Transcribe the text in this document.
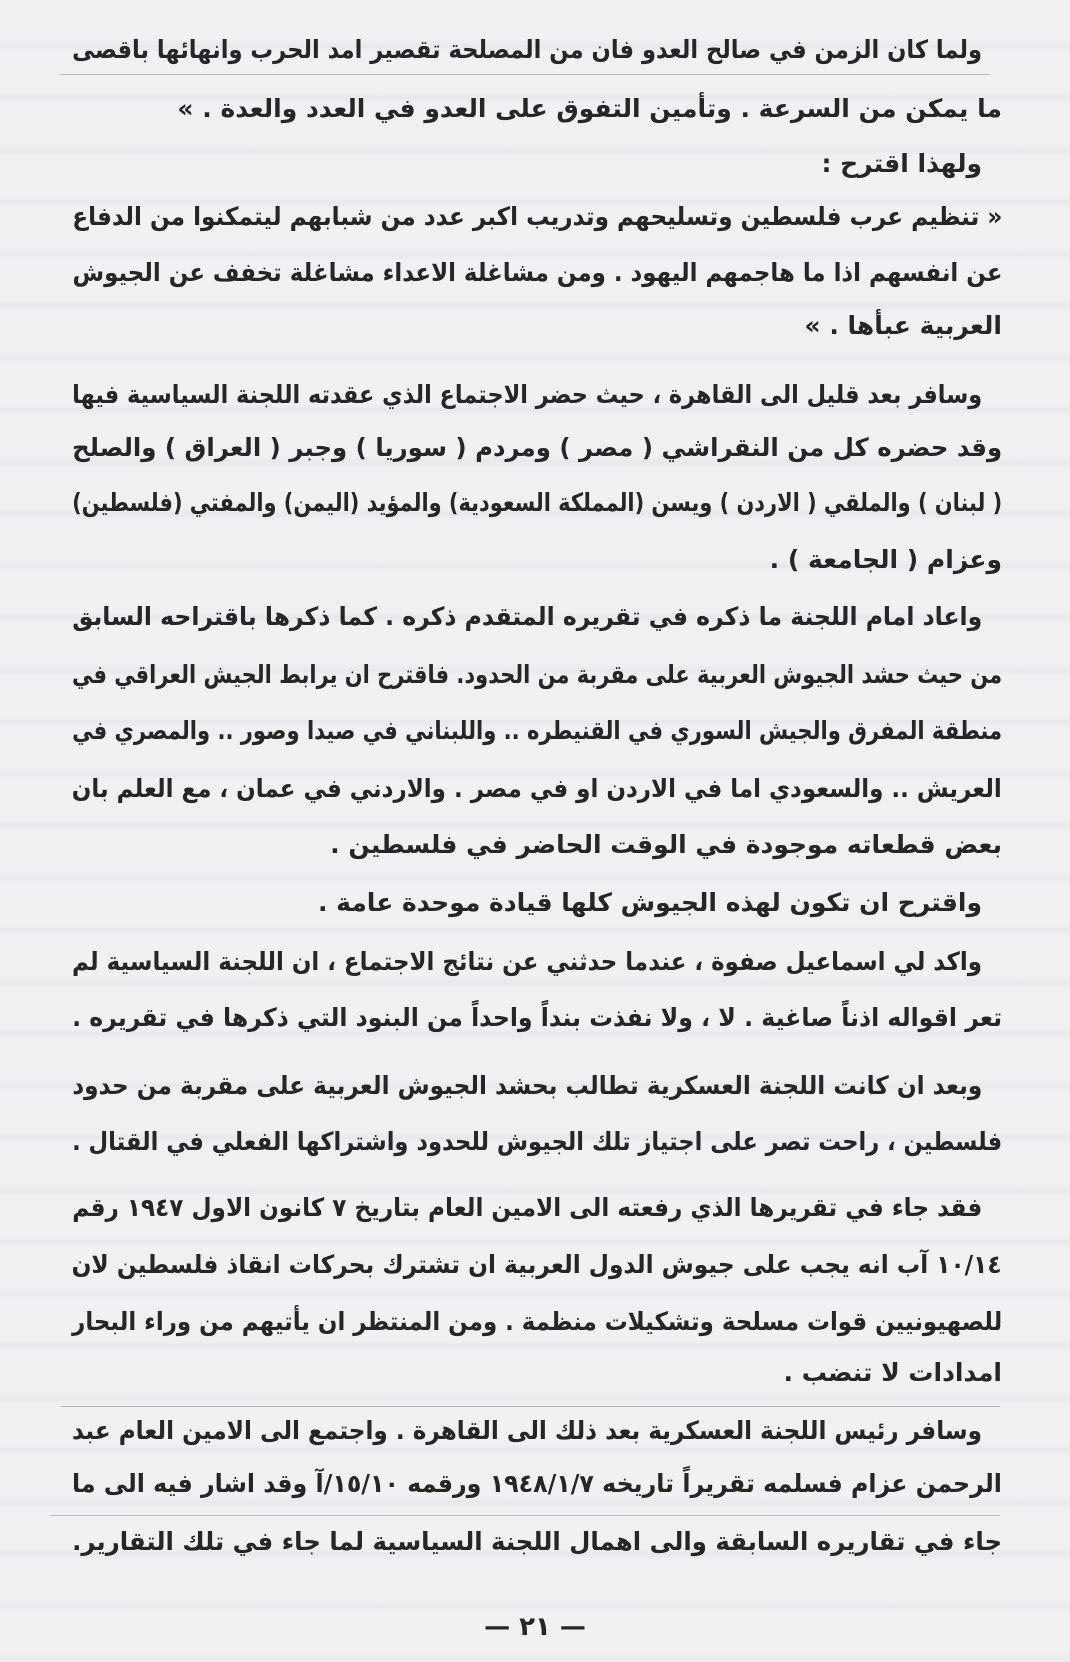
ولما كان الزمن في صالح العدو فان من المصلحة تقصير امد الحرب وانهائها باقصى
ما يمكن من السرعة . وتأمين التفوق على العدو في العدد والعدة . »
ولهذا اقترح :
« تنظيم عرب فلسطين وتسليحهم وتدريب اكبر عدد من شبابهم ليتمكنوا من الدفاع
عن انفسهم اذا ما هاجمهم اليهود . ومن مشاغلة الاعداء مشاغلة تخفف عن الجيوش
العربية عبأها . »
وسافر بعد قليل الى القاهرة ، حيث حضر الاجتماع الذي عقدته اللجنة السياسية فيها
وقد حضره كل من النقراشي ( مصر ) ومردم ( سوريا ) وجبر ( العراق ) والصلح
( لبنان ) والملقي ( الاردن ) ويسن (المملكة السعودية) والمؤيد (اليمن) والمفتي (فلسطين)
وعزام ( الجامعة ) .
واعاد امام اللجنة ما ذكره في تقريره المتقدم ذكره . كما ذكرها باقتراحه السابق
من حيث حشد الجيوش العربية على مقربة من الحدود. فاقترح ان يرابط الجيش العراقي في
منطقة المفرق والجيش السوري في القنيطره .. واللبناني في صيدا وصور .. والمصري في
العريش .. والسعودي اما في الاردن او في مصر . والاردني في عمان ، مع العلم بان
بعض قطعاته موجودة في الوقت الحاضر في فلسطين .
واقترح ان تكون لهذه الجيوش كلها قيادة موحدة عامة .
واكد لي اسماعيل صفوة ، عندما حدثني عن نتائج الاجتماع ، ان اللجنة السياسية لم
تعر اقواله اذناً صاغية . لا ، ولا نفذت بنداً واحداً من البنود التي ذكرها في تقريره .
وبعد ان كانت اللجنة العسكرية تطالب بحشد الجيوش العربية على مقربة من حدود
فلسطين ، راحت تصر على اجتياز تلك الجيوش للحدود واشتراكها الفعلي في القتال .
فقد جاء في تقريرها الذي رفعته الى الامين العام بتاريخ ٧ كانون الاول ١٩٤٧ رقم
١٠/١٤ آب انه يجب على جيوش الدول العربية ان تشترك بحركات انقاذ فلسطين لان
للصهيونيين قوات مسلحة وتشكيلات منظمة . ومن المنتظر ان يأتيهم من وراء البحار
امدادات لا تنضب .
وسافر رئيس اللجنة العسكرية بعد ذلك الى القاهرة . واجتمع الى الامين العام عبد
الرحمن عزام فسلمه تقريراً تاريخه ١٩٤٨/١/٧ ورقمه ١٥/١٠/آ وقد اشار فيه الى ما
جاء في تقاريره السابقة والى اهمال اللجنة السياسية لما جاء في تلك التقارير.
— ٢١ —
